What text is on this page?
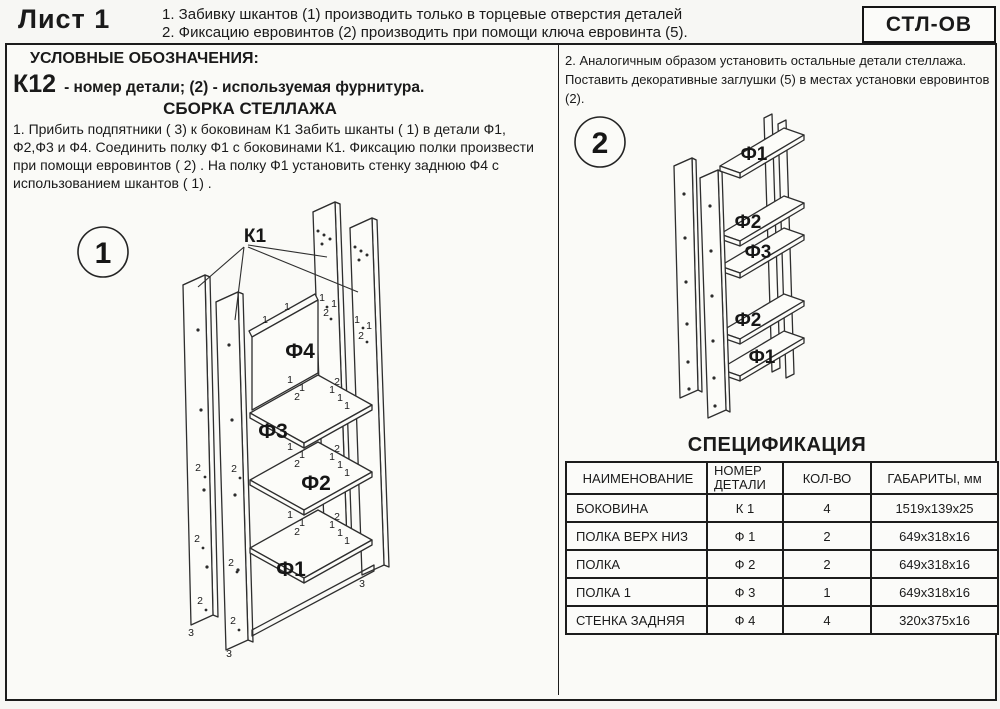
Лист 1	1. Забивку шкантов (1) производить только в торцевые отверстия деталей
2. Фиксацию евровинтов (2) производить при помощи ключа евровинта (5).	СТЛ-ОВ
УСЛОВНЫЕ ОБОЗНАЧЕНИЯ:
К12 - номер детали; (2) - используемая фурнитура.
СБОРКА СТЕЛЛАЖА
1. Прибить подпятники ( 3) к боковинам К1 Забить шканты ( 1) в детали Ф1, Ф2,Ф3 и Ф4. Соединить полку Ф1 с боковинами К1. Фиксацию полки произвести при помощи евровинтов ( 2) . На полку Ф1 установить стенку заднюю Ф4 с использованием шкантов ( 1) .
1
Ф4
Ф3
Ф2
Ф1
К1
1
1
1
2
1
1
2
1
1
1
2
2
1
1
1
1
1
2
2
1
1
1
1
1
2
2
1
1
1
2	2
2
2
2
2
3
3
3
2. Аналогичным образом установить остальные детали стеллажа. Поставить декоративные заглушки (5) в местах установки евровинтов (2).
2	Ф1
Ф2
Ф3
Ф2
Ф1
СПЕЦИФИКАЦИЯ
НАИМЕНОВАНИЕ	НОМЕР ДЕТАЛИ	КОЛ-ВО	ГАБАРИТЫ, мм
БОКОВИНА	К 1	4	1519x139x25
ПОЛКА ВЕРХ НИЗ	Ф 1	2	649x318x16
ПОЛКА	Ф 2	2	649x318x16
ПОЛКА 1	Ф 3	1	649x318x16
СТЕНКА ЗАДНЯЯ	Ф 4	4	320x375x16
